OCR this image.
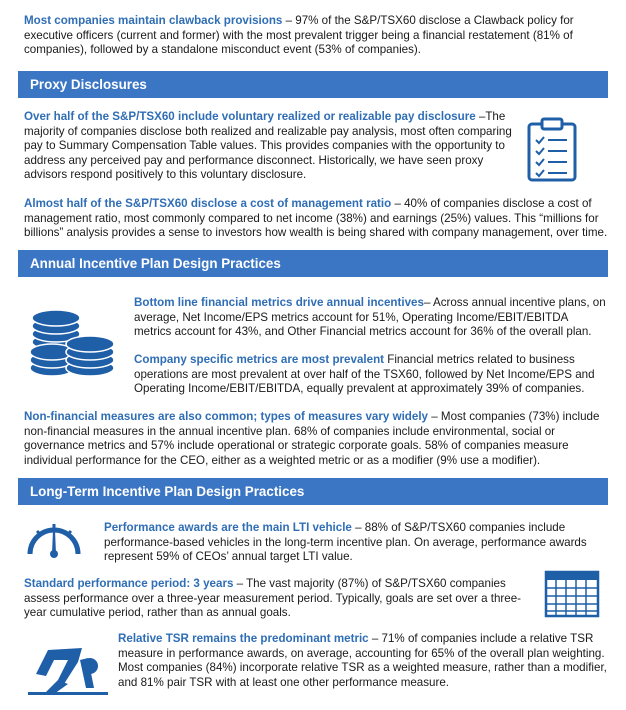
Most companies maintain clawback provisions – 97% of the S&P/TSX60 disclose a Clawback policy for executive officers (current and former) with the most prevalent trigger being a financial restatement (81% of companies), followed by a standalone misconduct event (53% of companies).
Proxy Disclosures
Over half of the S&P/TSX60 include voluntary realized or realizable pay disclosure –The majority of companies disclose both realized and realizable pay analysis, most often comparing pay to Summary Compensation Table values. This provides companies with the opportunity to address any perceived pay and performance disconnect. Historically, we have seen proxy advisors respond positively to this voluntary disclosure.
Almost half of the S&P/TSX60 disclose a cost of management ratio – 40% of companies disclose a cost of management ratio, most commonly compared to net income (38%) and earnings (25%) values. This “millions for billions” analysis provides a sense to investors how wealth is being shared with company management, over time.
Annual Incentive Plan Design Practices
Bottom line financial metrics drive annual incentives– Across annual incentive plans, on average, Net Income/EPS metrics account for 51%, Operating Income/EBIT/EBITDA metrics account for 43%, and Other Financial metrics account for 36% of the overall plan.
Company specific metrics are most prevalent Financial metrics related to business operations are most prevalent at over half of the TSX60, followed by Net Income/EPS and Operating Income/EBIT/EBITDA, equally prevalent at approximately 39% of companies.
Non-financial measures are also common; types of measures vary widely – Most companies (73%) include non-financial measures in the annual incentive plan. 68% of companies include environmental, social or governance metrics and 57% include operational or strategic corporate goals. 58% of companies measure individual performance for the CEO, either as a weighted metric or as a modifier (9% use a modifier).
Long-Term Incentive Plan Design Practices
Performance awards are the main LTI vehicle – 88% of S&P/TSX60 companies include performance-based vehicles in the long-term incentive plan. On average, performance awards represent 59% of CEOs’ annual target LTI value.
Standard performance period: 3 years – The vast majority (87%) of S&P/TSX60 companies assess performance over a three-year measurement period. Typically, goals are set over a three-year cumulative period, rather than as annual goals.
Relative TSR remains the predominant metric – 71% of companies include a relative TSR measure in performance awards, on average, accounting for 65% of the overall plan weighting. Most companies (84%) incorporate relative TSR as a weighted measure, rather than a modifier, and 81% pair TSR with at least one other performance measure.
